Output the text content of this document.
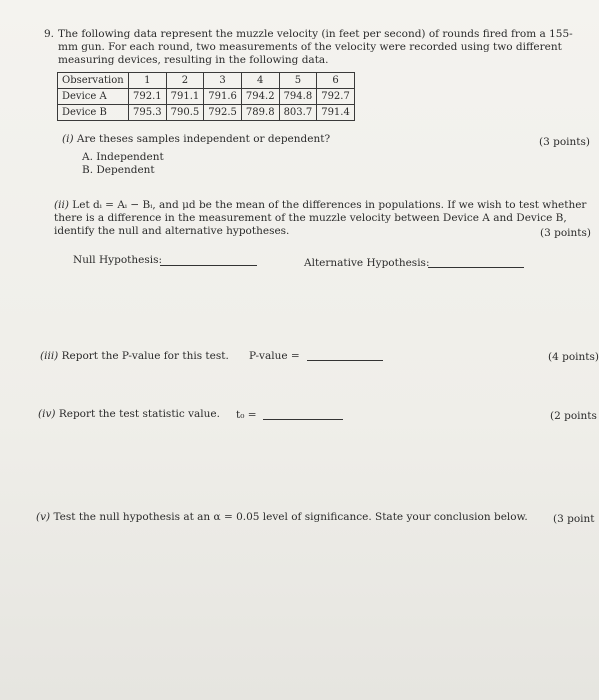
9. The following data represent the muzzle velocity (in feet per second) of rounds fired from a 155-mm gun. For each round, two measurements of the velocity were recorded using two different measuring devices, resulting in the following data.
Observation	1	2	3	4	5	6
Device A	792.1	791.1	791.6	794.2	794.8	792.7
Device B	795.3	790.5	792.5	789.8	803.7	791.4
(i) Are theses samples independent or dependent?	(3 points)
A. Independent
B. Dependent
(ii) Let dᵢ = Aᵢ − Bᵢ, and μd be the mean of the differences in populations. If we wish to test whether there is a difference in the measurement of the muzzle velocity between Device A and Device B, identify the null and alternative hypotheses.	(3 points)
Null Hypothesis:	Alternative Hypothesis:
(iii) Report the P-value for this test. P-value =	(4 points)
(iv) Report the test statistic value. t₀ =	(2 points
(v) Test the null hypothesis at an α = 0.05 level of significance. State your conclusion below. (3 point
